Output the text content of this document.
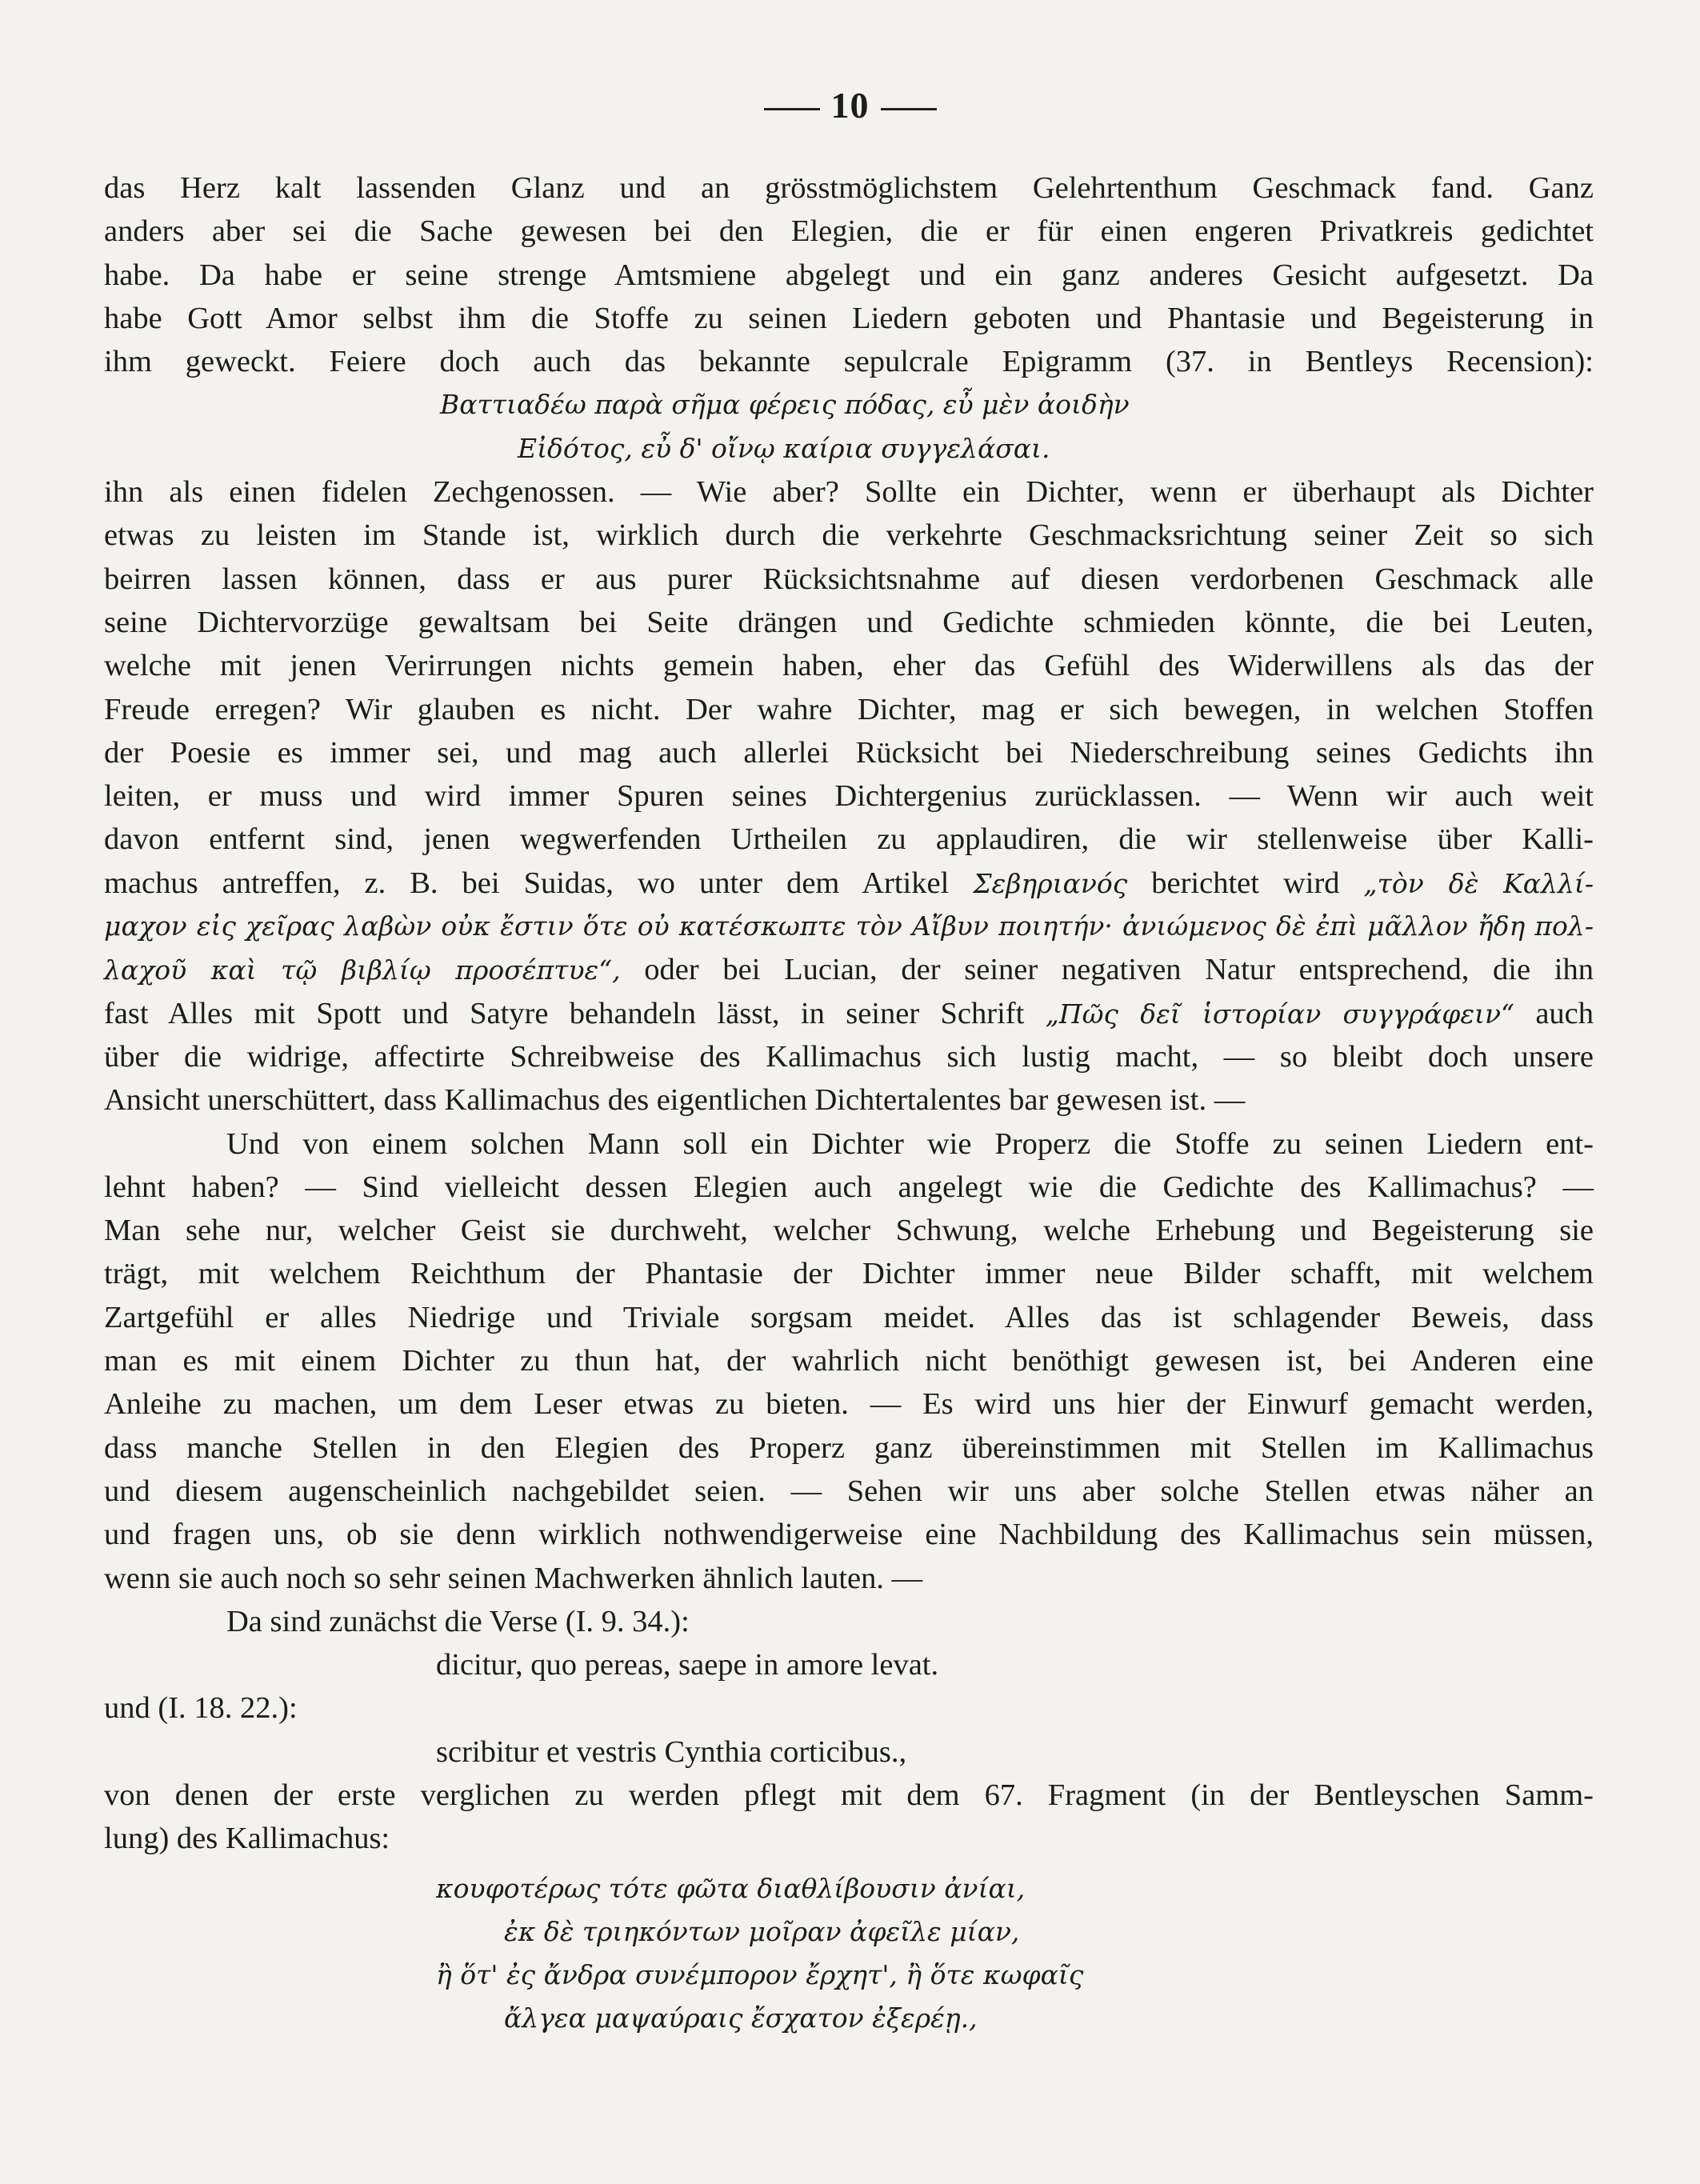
10
das Herz kalt lassenden Glanz und an grösstmöglichstem Gelehrtenthum Geschmack fand. Ganz
anders aber sei die Sache gewesen bei den Elegien, die er für einen engeren Privatkreis gedichtet
habe. Da habe er seine strenge Amtsmiene abgelegt und ein ganz anderes Gesicht aufgesetzt. Da
habe Gott Amor selbst ihm die Stoffe zu seinen Liedern geboten und Phantasie und Begeisterung in
ihm geweckt. Feiere doch auch das bekannte sepulcrale Epigramm (37. in Bentleys Recension):
Βαττιαδέω παρὰ σῆμα φέρεις πόδας, εὖ μὲν ἀοιδὴν
Εἰδότος, εὖ δ' οἴνῳ καίρια συγγελάσαι.
ihn als einen fidelen Zechgenossen. — Wie aber? Sollte ein Dichter, wenn er überhaupt als Dichter
etwas zu leisten im Stande ist, wirklich durch die verkehrte Geschmacksrichtung seiner Zeit so sich
beirren lassen können, dass er aus purer Rücksichtsnahme auf diesen verdorbenen Geschmack alle
seine Dichtervorzüge gewaltsam bei Seite drängen und Gedichte schmieden könnte, die bei Leuten,
welche mit jenen Verirrungen nichts gemein haben, eher das Gefühl des Widerwillens als das der
Freude erregen? Wir glauben es nicht. Der wahre Dichter, mag er sich bewegen, in welchen Stoffen
der Poesie es immer sei, und mag auch allerlei Rücksicht bei Niederschreibung seines Gedichts ihn
leiten, er muss und wird immer Spuren seines Dichtergenius zurücklassen. — Wenn wir auch weit
davon entfernt sind, jenen wegwerfenden Urtheilen zu applaudiren, die wir stellenweise über Kalli-
machus antreffen, z. B. bei Suidas, wo unter dem Artikel Σεβηριανός berichtet wird „τὸν δὲ Καλλί-
μαχον εἰς χεῖρας λαβὼν οὐκ ἔστιν ὅτε οὐ κατέσκωπτε τὸν Αἴβυν ποιητήν· ἀνιώμενος δὲ ἐπὶ μᾶλλον ἤδη πολ-
λαχοῦ καὶ τῷ βιβλίῳ προσέπτυε“, oder bei Lucian, der seiner negativen Natur entsprechend, die ihn
fast Alles mit Spott und Satyre behandeln lässt, in seiner Schrift „Πῶς δεῖ ἱστορίαν συγγράφειν“ auch
über die widrige, affectirte Schreibweise des Kallimachus sich lustig macht, — so bleibt doch unsere
Ansicht unerschüttert, dass Kallimachus des eigentlichen Dichtertalentes bar gewesen ist. —
Und von einem solchen Mann soll ein Dichter wie Properz die Stoffe zu seinen Liedern ent-
lehnt haben? — Sind vielleicht dessen Elegien auch angelegt wie die Gedichte des Kallimachus? —
Man sehe nur, welcher Geist sie durchweht, welcher Schwung, welche Erhebung und Begeisterung sie
trägt, mit welchem Reichthum der Phantasie der Dichter immer neue Bilder schafft, mit welchem
Zartgefühl er alles Niedrige und Triviale sorgsam meidet. Alles das ist schlagender Beweis, dass
man es mit einem Dichter zu thun hat, der wahrlich nicht benöthigt gewesen ist, bei Anderen eine
Anleihe zu machen, um dem Leser etwas zu bieten. — Es wird uns hier der Einwurf gemacht werden,
dass manche Stellen in den Elegien des Properz ganz übereinstimmen mit Stellen im Kallimachus
und diesem augenscheinlich nachgebildet seien. — Sehen wir uns aber solche Stellen etwas näher an
und fragen uns, ob sie denn wirklich nothwendigerweise eine Nachbildung des Kallimachus sein müssen,
wenn sie auch noch so sehr seinen Machwerken ähnlich lauten. —
Da sind zunächst die Verse (I. 9. 34.):
dicitur, quo pereas, saepe in amore levat.
und (I. 18. 22.):
scribitur et vestris Cynthia corticibus.,
von denen der erste verglichen zu werden pflegt mit dem 67. Fragment (in der Bentleyschen Samm-
lung) des Kallimachus:
κουφοτέρως τότε φῶτα διαθλίβουσιν ἀνίαι,
ἐκ δὲ τριηκόντων μοῖραν ἀφεῖλε μίαν,
ἢ ὅτ' ἐς ἄνδρα συνέμπορον ἔρχητ', ἢ ὅτε κωφαῖς
ἄλγεα μαψαύραις ἔσχατον ἐξερέῃ.,
